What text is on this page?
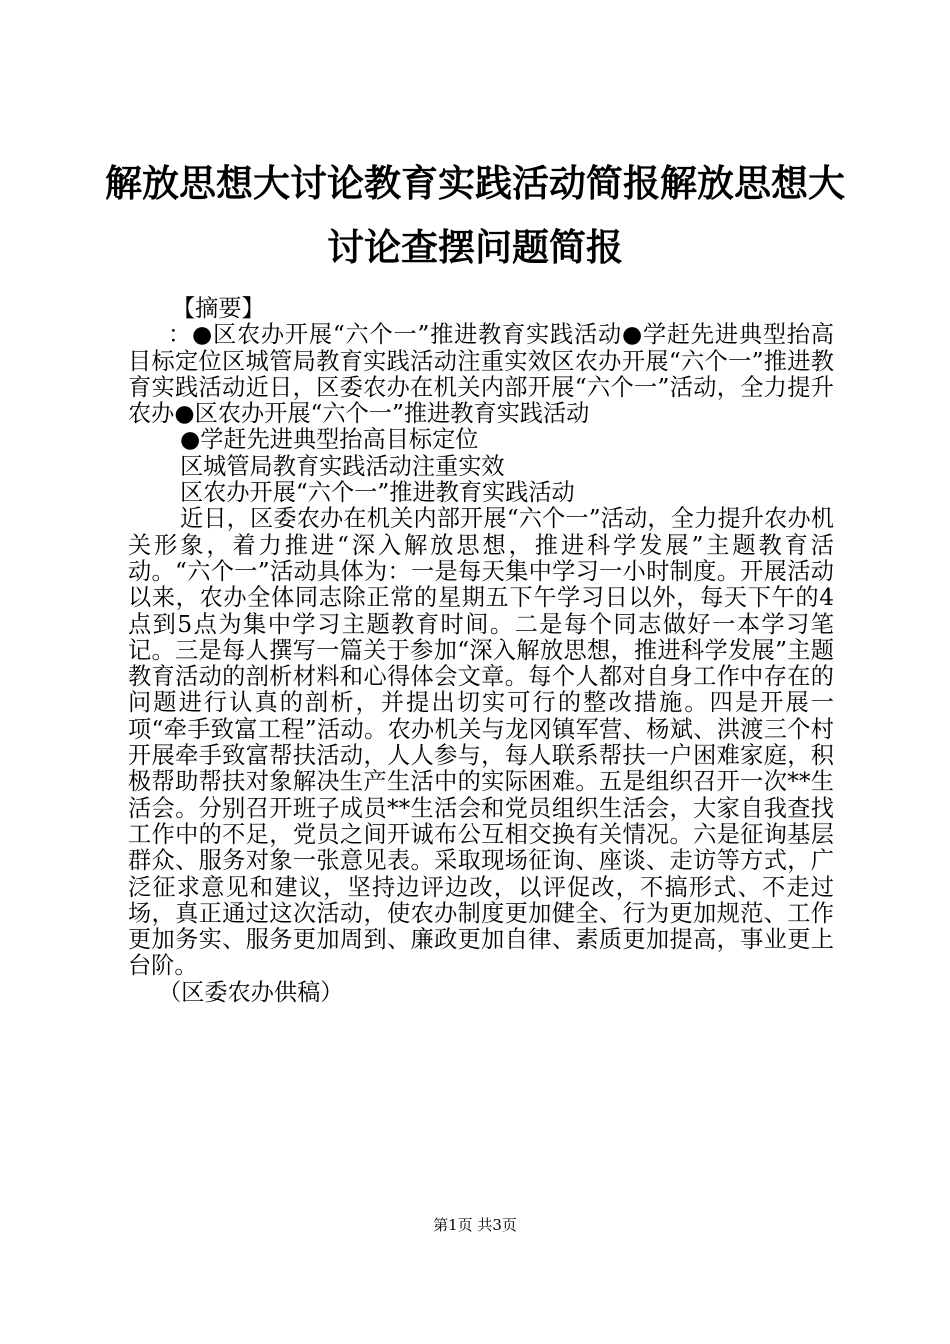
解放思想大讨论教育实践活动简报解放思想大
讨论查摆问题简报

【摘要】

：●区农办开展“六个一”推进教育实践活动●学赶先进典型抬高目标定位区城管局教育实践活动注重实效区农办开展“六个一”推进教育实践活动近日，区委农办在机关内部开展“六个一”活动，全力提升农办●区农办开展“六个一”推进教育实践活动

●学赶先进典型抬高目标定位

区城管局教育实践活动注重实效

区农办开展“六个一”推进教育实践活动

近日，区委农办在机关内部开展“六个一”活动，全力提升农办机关形象，着力推进“深入解放思想，推进科学发展”主题教育活动。“六个一”活动具体为：一是每天集中学习一小时制度。开展活动以来，农办全体同志除正常的星期五下午学习日以外，每天下午的4点到5点为集中学习主题教育时间。二是每个同志做好一本学习笔记。三是每人撰写一篇关于参加“深入解放思想，推进科学发展”主题教育活动的剖析材料和心得体会文章。每个人都对自身工作中存在的问题进行认真的剖析，并提出切实可行的整改措施。四是开展一项“牵手致富工程”活动。农办机关与龙冈镇军营、杨斌、洪渡三个村开展牵手致富帮扶活动，人人参与，每人联系帮扶一户困难家庭，积极帮助帮扶对象解决生产生活中的实际困难。五是组织召开一次**生活会。分别召开班子成员**生活会和党员组织生活会，大家自我查找工作中的不足，党员之间开诚布公互相交换有关情况。六是征询基层群众、服务对象一张意见表。采取现场征询、座谈、走访等方式，广泛征求意见和建议，坚持边评边改，以评促改，不搞形式、不走过场，真正通过这次活动，使农办制度更加健全、行为更加规范、工作更加务实、服务更加周到、廉政更加自律、素质更加提高，事业更上台阶。

（区委农办供稿）

第1页 共3页
